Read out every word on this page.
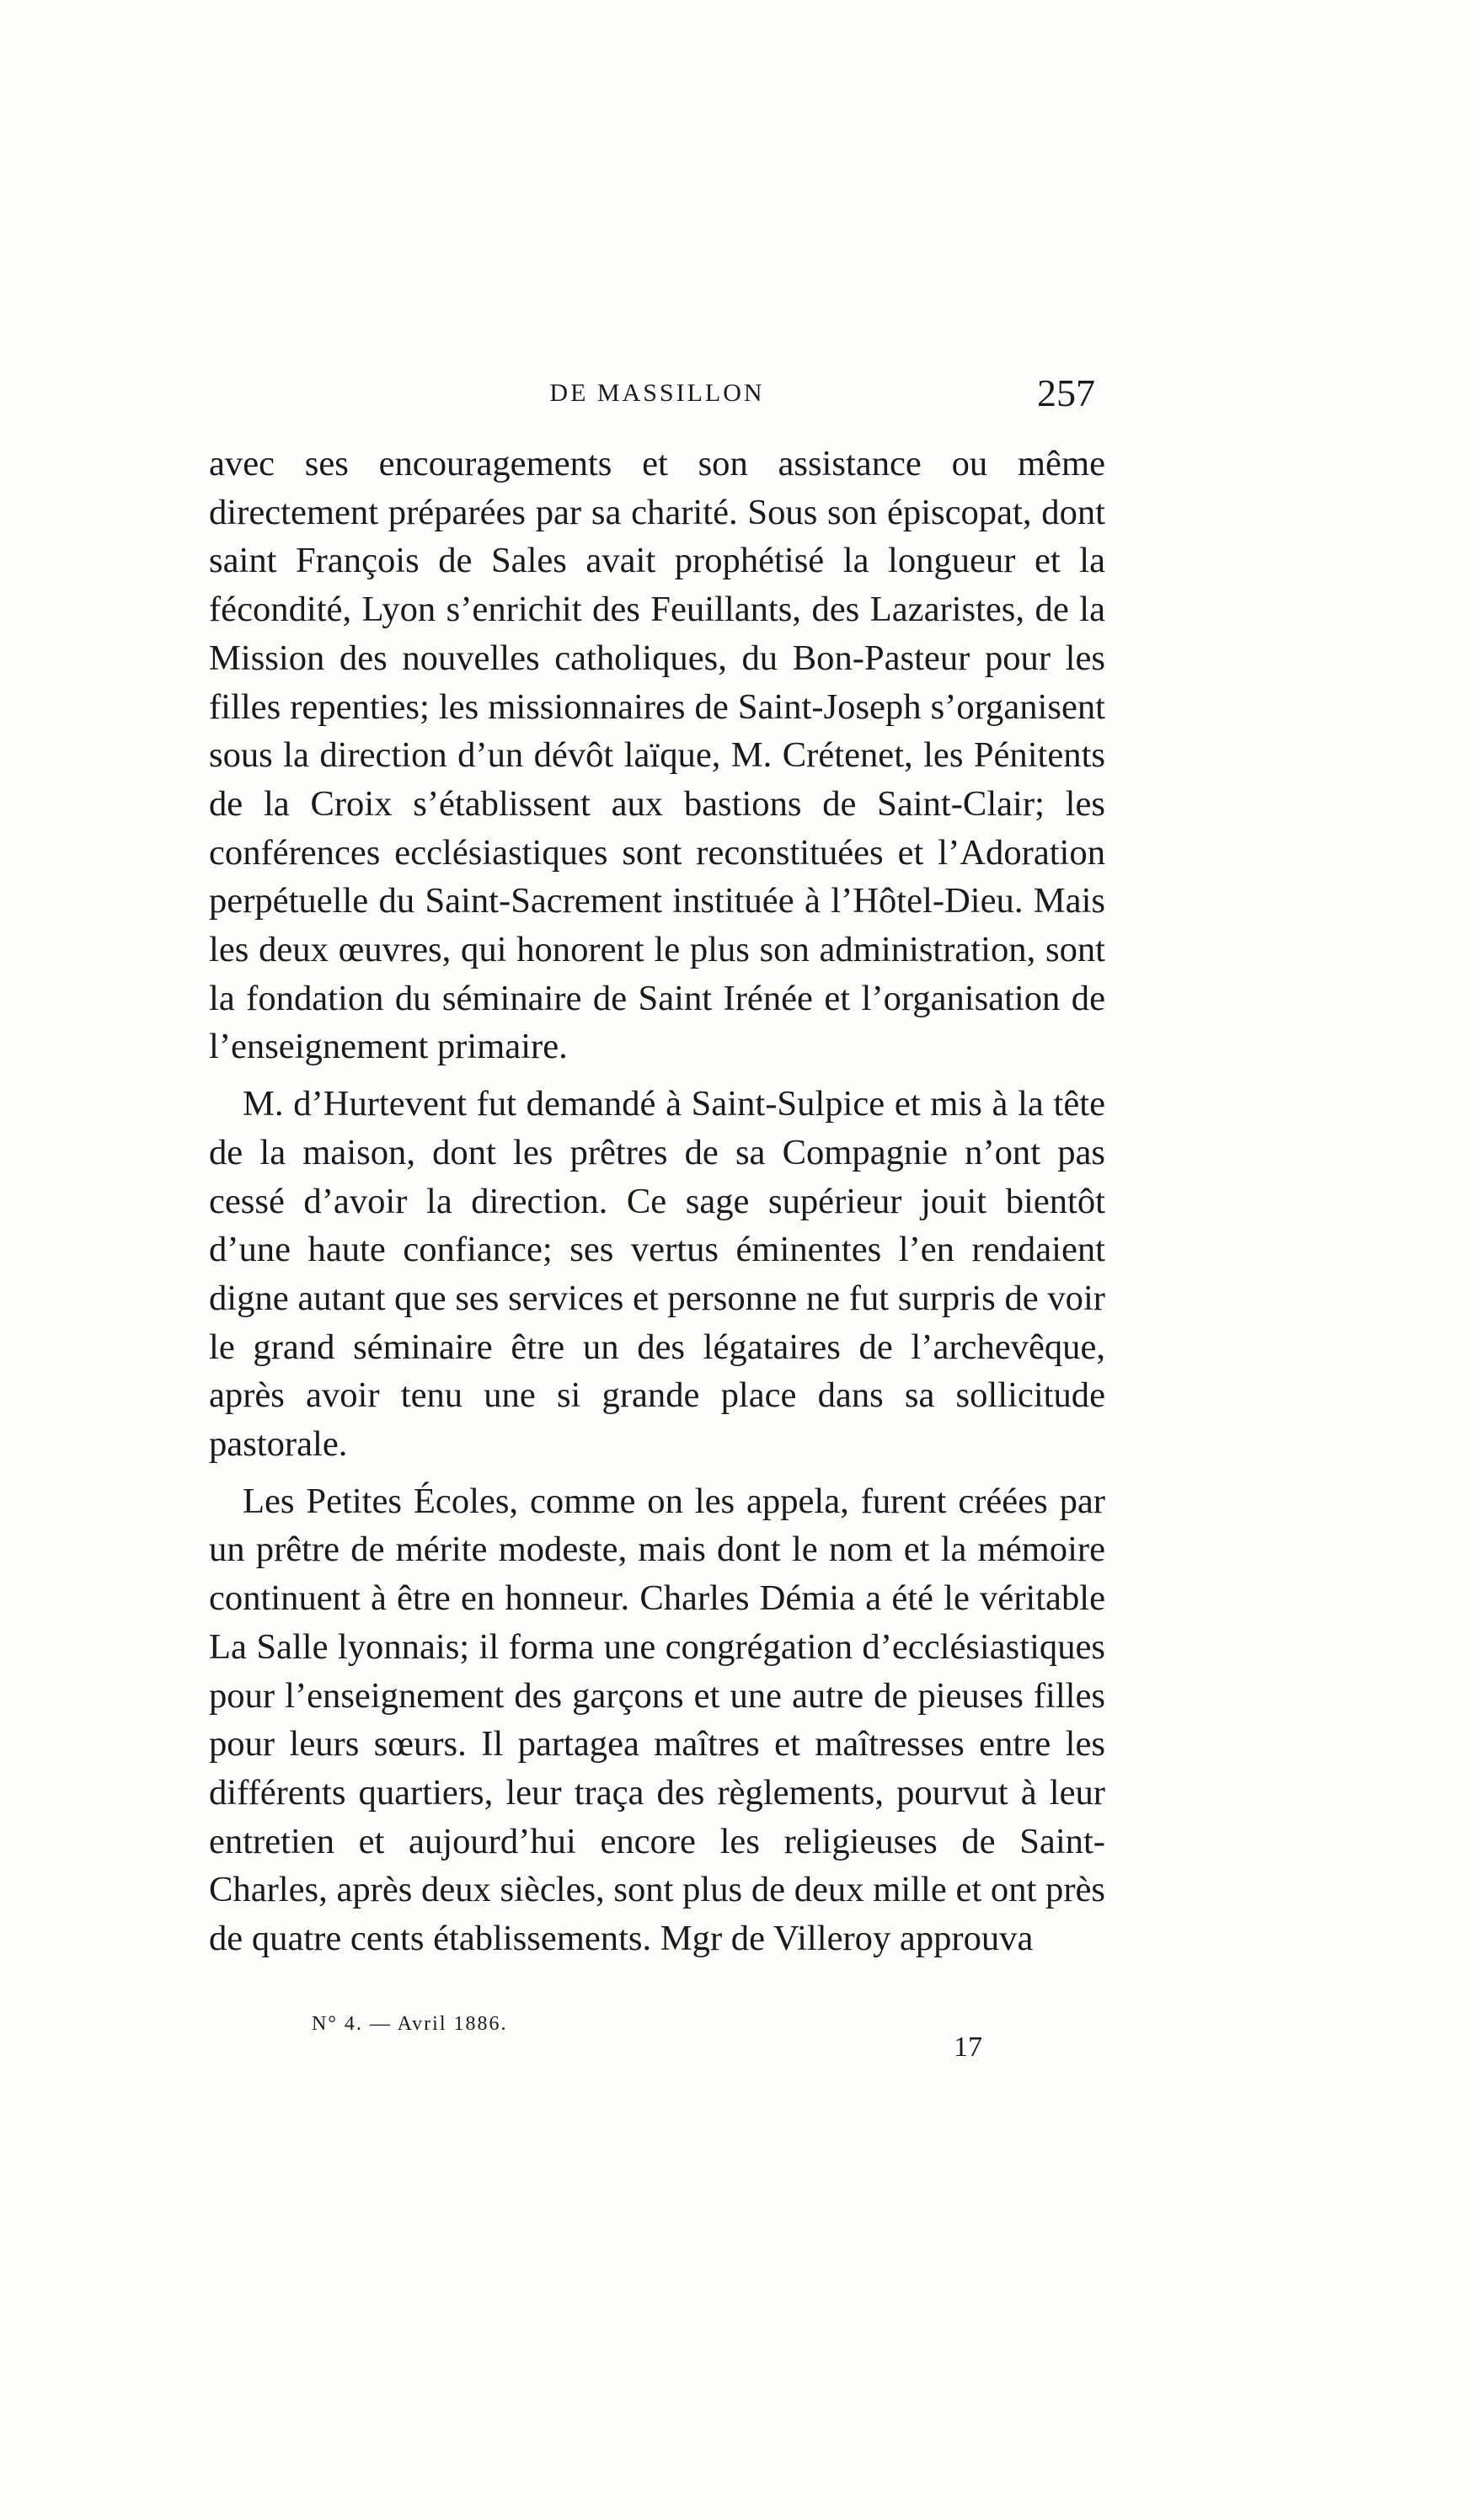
DE MASSILLON	257

avec ses encouragements et son assistance ou même directement préparées par sa charité. Sous son épiscopat, dont saint François de Sales avait prophétisé la longueur et la fécondité, Lyon s’enrichit des Feuillants, des Lazaristes, de la Mission des nouvelles catholiques, du Bon-Pasteur pour les filles repenties; les missionnaires de Saint-Joseph s’organisent sous la direction d’un dévôt laïque, M. Crétenet, les Pénitents de la Croix s’établissent aux bastions de Saint-Clair; les conférences ecclésiastiques sont reconstituées et l’Adoration perpétuelle du Saint-Sacrement instituée à l’Hôtel-Dieu. Mais les deux œuvres, qui honorent le plus son administration, sont la fondation du séminaire de Saint Irénée et l’organisation de l’enseignement primaire.

M. d’Hurtevent fut demandé à Saint-Sulpice et mis à la tête de la maison, dont les prêtres de sa Compagnie n’ont pas cessé d’avoir la direction. Ce sage supérieur jouit bientôt d’une haute confiance; ses vertus éminentes l’en rendaient digne autant que ses services et personne ne fut surpris de voir le grand séminaire être un des légataires de l’archevêque, après avoir tenu une si grande place dans sa sollicitude pastorale.

Les Petites Écoles, comme on les appela, furent créées par un prêtre de mérite modeste, mais dont le nom et la mémoire continuent à être en honneur. Charles Démia a été le véritable La Salle lyonnais; il forma une congrégation d’ecclésiastiques pour l’enseignement des garçons et une autre de pieuses filles pour leurs sœurs. Il partagea maîtres et maîtresses entre les différents quartiers, leur traça des règlements, pourvut à leur entretien et aujourd’hui encore les religieuses de Saint-Charles, après deux siècles, sont plus de deux mille et ont près de quatre cents établissements. Mgr de Villeroy approuva

N° 4. — Avril 1886.
17
